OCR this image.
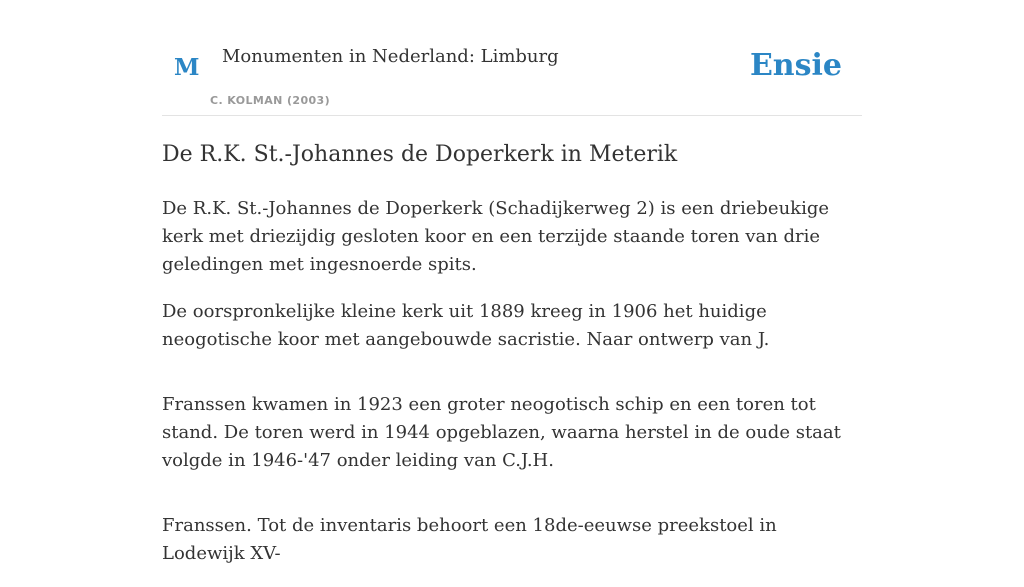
M Monumenten in Nederland: Limburg
C. KOLMAN (2003)
Ensie
De R.K. St.-Johannes de Doperkerk in Meterik

De R.K. St.-Johannes de Doperkerk (Schadijkerweg 2) is een driebeukige kerk met driezijdig gesloten koor en een terzijde staande toren van drie geledingen met ingesnoerde spits.

De oorspronkelijke kleine kerk uit 1889 kreeg in 1906 het huidige neogotische koor met aangebouwde sacristie. Naar ontwerp van J.

Franssen kwamen in 1923 een groter neogotisch schip en een toren tot stand. De toren werd in 1944 opgeblazen, waarna herstel in de oude staat volgde in 1946-'47 onder leiding van C.J.H.

Franssen. Tot de inventaris behoort een 18de-eeuwse preekstoel in Lodewijk XV-
